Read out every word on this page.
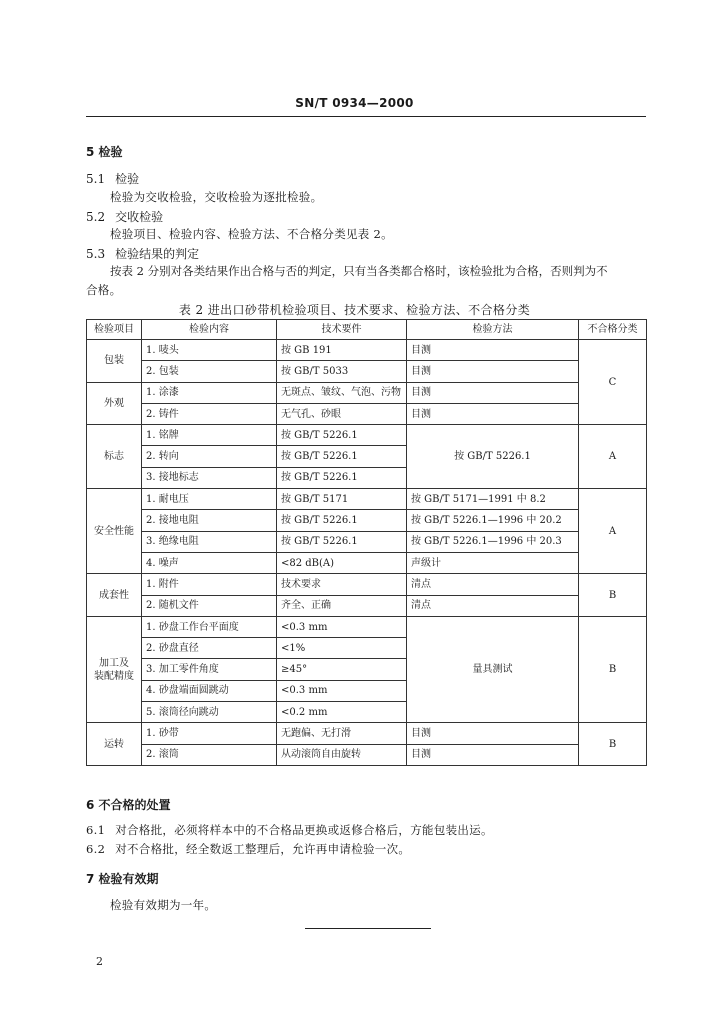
SN/T 0934—2000
5 检验
5.1 检验
检验为交收检验，交收检验为逐批检验。
5.2 交收检验
检验项目、检验内容、检验方法、不合格分类见表 2。
5.3 检验结果的判定
按表 2 分别对各类结果作出合格与否的判定，只有当各类都合格时，该检验批为合格，否则判为不
合格。
表 2 进出口砂带机检验项目、技术要求、检验方法、不合格分类
检验项目	检验内容	技术要件	检验方法	不合格分类
包装	1. 唛头	按 GB 191	目测	C
	2. 包装	按 GB/T 5033	目测	
外观	1. 涂漆	无斑点、皱纹、气泡、污物	目测	
	2. 铸件	无气孔、砂眼	目测	
标志	1. 铭牌	按 GB/T 5226.1	按 GB/T 5226.1	A
	2. 转向	按 GB/T 5226.1		
	3. 接地标志	按 GB/T 5226.1		
安全性能	1. 耐电压	按 GB/T 5171	按 GB/T 5171—1991 中 8.2	A
	2. 接地电阻	按 GB/T 5226.1	按 GB/T 5226.1—1996 中 20.2	
	3. 绝缘电阻	按 GB/T 5226.1	按 GB/T 5226.1—1996 中 20.3	
	4. 噪声	<82 dB(A)	声级计	
成套性	1. 附件	技术要求	清点	B
	2. 随机文件	齐全、正确	清点	
加工及
装配精度	1. 砂盘工作台平面度	<0.3 mm	量具测试	B
	2. 砂盘直径	<1%		
	3. 加工零件角度	≥45°		
	4. 砂盘端面圆跳动	<0.3 mm		
	5. 滚筒径向跳动	<0.2 mm		
运转	1. 砂带	无跑偏、无打滑	目测	B
	2. 滚筒	从动滚筒自由旋转	目测	
6 不合格的处置
6.1 对合格批，必须将样本中的不合格品更换或返修合格后，方能包装出运。
6.2 对不合格批，经全数返工整理后，允许再申请检验一次。
7 检验有效期
检验有效期为一年。
2
